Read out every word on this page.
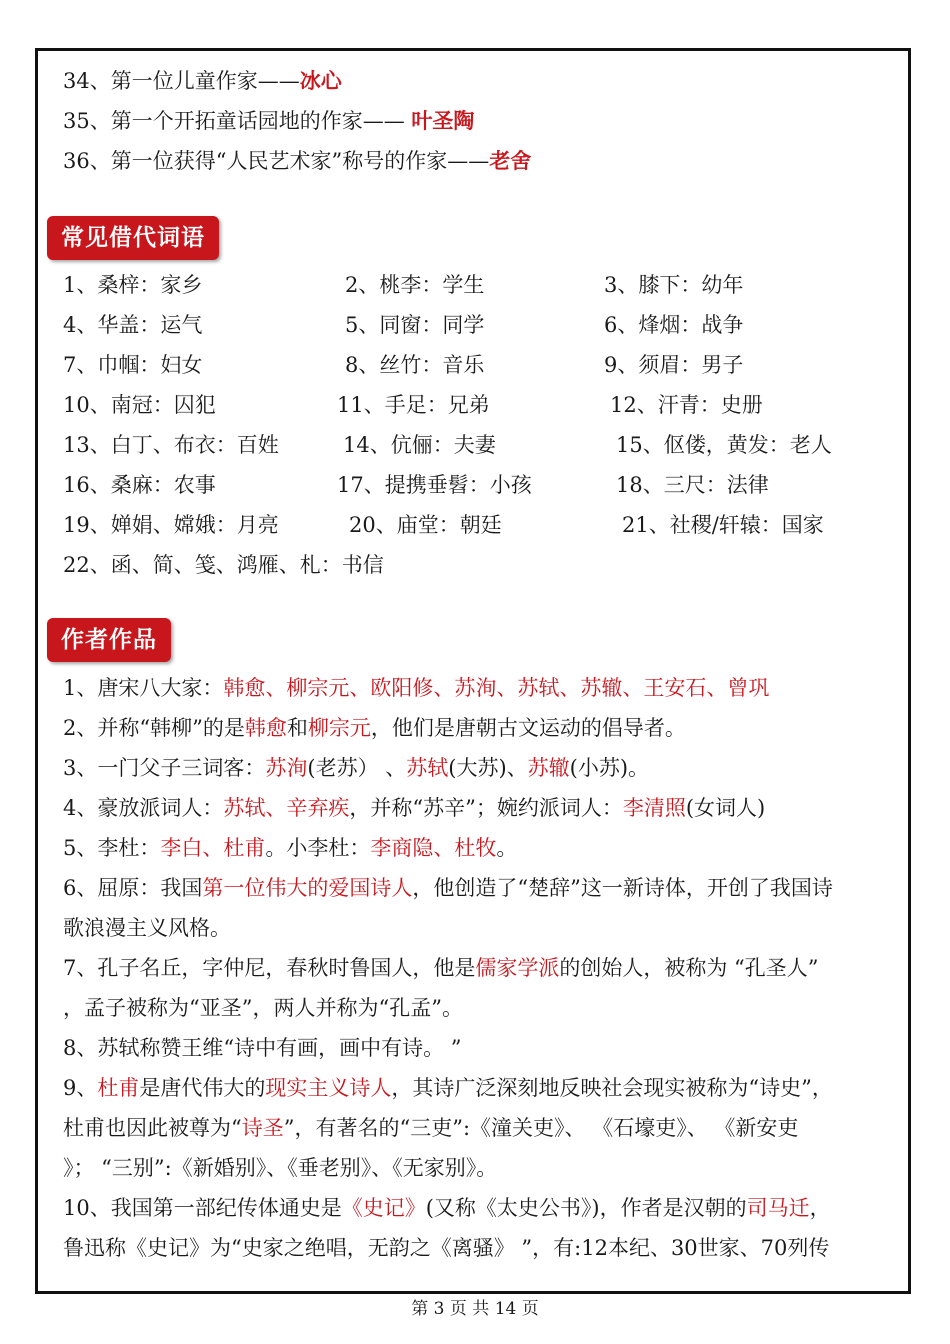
34、第一位儿童作家——冰心
35、第一个开拓童话园地的作家—— 叶圣陶
36、第一位获得“人民艺术家”称号的作家——老舍
常见借代词语
1、桑梓：家乡	2、桃李：学生	3、膝下：幼年
4、华盖：运气	5、同窗：同学	6、烽烟：战争
7、巾帼：妇女	8、丝竹：音乐	9、须眉：男子
10、南冠：囚犯	11、手足：兄弟	12、汗青：史册
13、白丁、布衣：百姓	14、伉俪：夫妻	15、伛偻，黄发：老人
16、桑麻：农事	17、提携垂髫：小孩	18、三尺：法律
19、婵娟、嫦娥：月亮	20、庙堂：朝廷	21、社稷/轩辕：国家
22、函、简、笺、鸿雁、札：书信
作者作品
1、唐宋八大家：韩愈、柳宗元、欧阳修、苏洵、苏轼、苏辙、王安石、曾巩
2、并称“韩柳”的是韩愈和柳宗元，他们是唐朝古文运动的倡导者。
3、一门父子三词客：苏洵(老苏） 、苏轼(大苏)、苏辙(小苏)。
4、豪放派词人：苏轼、辛弃疾，并称“苏辛”；婉约派词人：李清照(女词人)
5、李杜：李白、杜甫。小李杜：李商隐、杜牧。
6、屈原：我国第一位伟大的爱国诗人，他创造了“楚辞”这一新诗体，开创了我国诗
歌浪漫主义风格。
7、孔子名丘，字仲尼，春秋时鲁国人，他是儒家学派的创始人，被称为 “孔圣人”
，孟子被称为“亚圣”，两人并称为“孔孟”。
8、苏轼称赞王维“诗中有画，画中有诗。 ”
9、杜甫是唐代伟大的现实主义诗人，其诗广泛深刻地反映社会现实被称为“诗史”，
杜甫也因此被尊为“诗圣”，有著名的“三吏”:《潼关吏》、 《石壕吏》、 《新安吏
》； “三别”:《新婚别》、《垂老别》、《无家别》。
10、我国第一部纪传体通史是《史记》(又称《太史公书》)，作者是汉朝的司马迁，
鲁迅称《史记》为“史家之绝唱，无韵之《离骚》 ”，有:12本纪、30世家、70列传
第 3 页 共 14 页
